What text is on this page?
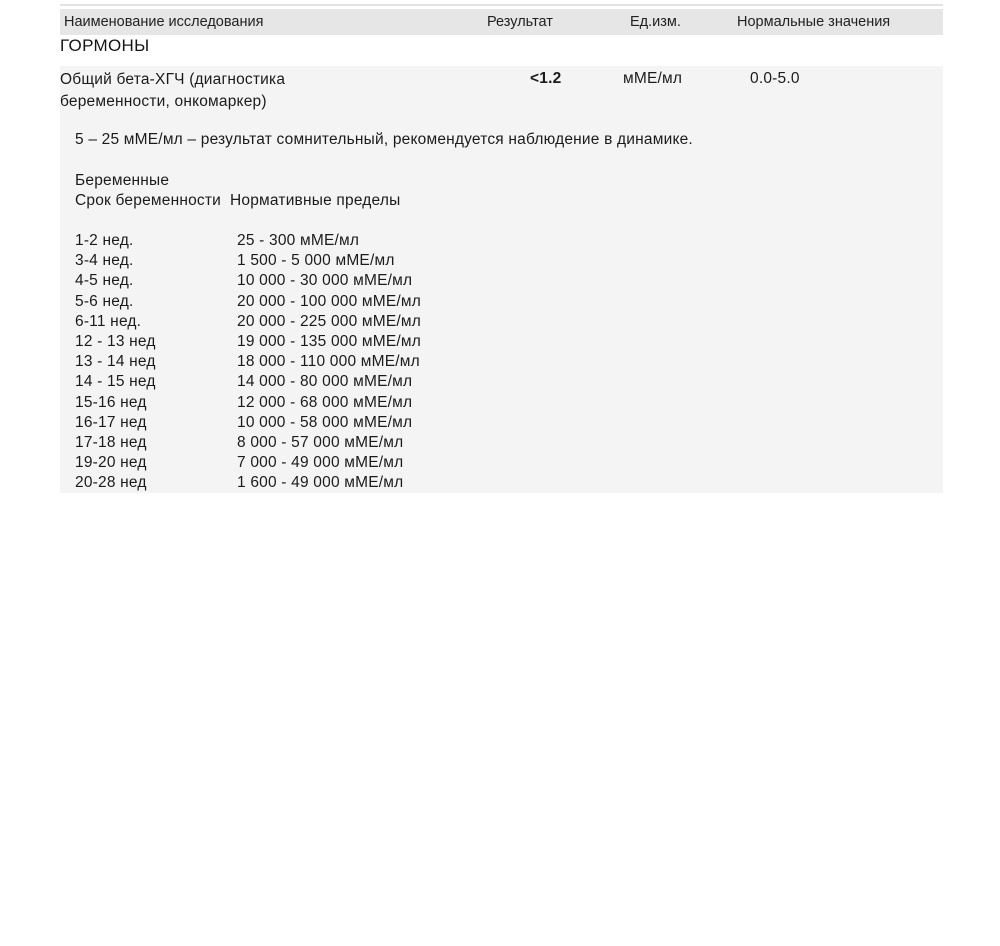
Наименование исследования	Результат	Ед.изм.	Нормальные значения
ГОРМОНЫ
Общий бета-ХГЧ (диагностика
беременности, онкомаркер)
<1.2	мМЕ/мл	0.0-5.0
5 – 25 мМЕ/мл – результат сомнительный, рекомендуется наблюдение в динамике.
Беременные
Срок беременности  Нормативные пределы
1-2 нед.	25 - 300 мМЕ/мл
3-4 нед.	1 500 - 5 000 мМЕ/мл
4-5 нед.	10 000 - 30 000 мМЕ/мл
5-6 нед.	20 000 - 100 000 мМЕ/мл
6-11 нед.	20 000 - 225 000 мМЕ/мл
12 - 13 нед	19 000 - 135 000 мМЕ/мл
13 - 14 нед	18 000 - 110 000 мМЕ/мл
14 - 15 нед	14 000 - 80 000 мМЕ/мл
15-16 нед	12 000 - 68 000 мМЕ/мл
16-17 нед	10 000 - 58 000 мМЕ/мл
17-18 нед	8 000 - 57 000 мМЕ/мл
19-20 нед	7 000 - 49 000 мМЕ/мл
20-28 нед	1 600 - 49 000 мМЕ/мл
